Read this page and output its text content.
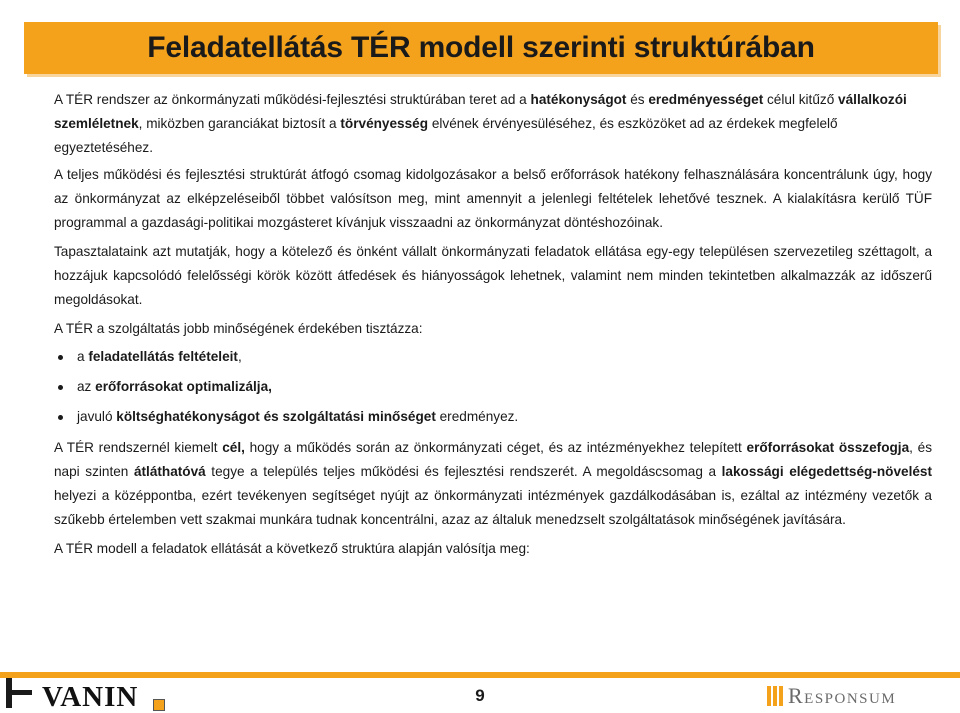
Feladatellátás TÉR modell szerinti struktúrában

A TÉR rendszer az önkormányzati működési-fejlesztési struktúrában teret ad a hatékonyságot és eredményességet célul kitűző vállalkozói szemléletnek, miközben garanciákat biztosít a törvényesség elvének érvényesüléséhez, és eszközöket ad az érdekek megfelelő egyeztetéséhez.

A teljes működési és fejlesztési struktúrát átfogó csomag kidolgozásakor a belső erőforrások hatékony felhasználására koncentrálunk úgy, hogy az önkormányzat az elképzeléseiből többet valósítson meg, mint amennyit a jelenlegi feltételek lehetővé tesznek. A kialakításra kerülő TÜF programmal a gazdasági-politikai mozgásteret kívánjuk visszaadni az önkormányzat döntéshozóinak.

Tapasztalataink azt mutatják, hogy a kötelező és önként vállalt önkormányzati feladatok ellátása egy-egy településen szervezetileg széttagolt, a hozzájuk kapcsolódó felelősségi körök között átfedések és hiányosságok lehetnek, valamint nem minden tekintetben alkalmazzák az időszerű megoldásokat.

A TÉR a szolgáltatás jobb minőségének érdekében tisztázza:

a feladatellátás feltételeit,
az erőforrásokat optimalizálja,
javuló költséghatékonyságot és szolgáltatási minőséget eredményez.

A TÉR rendszernél kiemelt cél, hogy a működés során az önkormányzati céget, és az intézményekhez telepített erőforrásokat összefogja, és napi szinten átláthatóvá tegye a település teljes működési és fejlesztési rendszerét. A megoldáscsomag a lakossági elégedettség-növelést helyezi a középpontba, ezért tevékenyen segítséget nyújt az önkormányzati intézmények gazdálkodásában is, ezáltal az intézmény vezetők a szűkebb értelemben vett szakmai munkára tudnak koncentrálni, azaz az általuk menedzselt szolgáltatások minőségének javítására.

A TÉR modell a feladatok ellátását a következő struktúra alapján valósítja meg:

VANIN	9	Responsum
